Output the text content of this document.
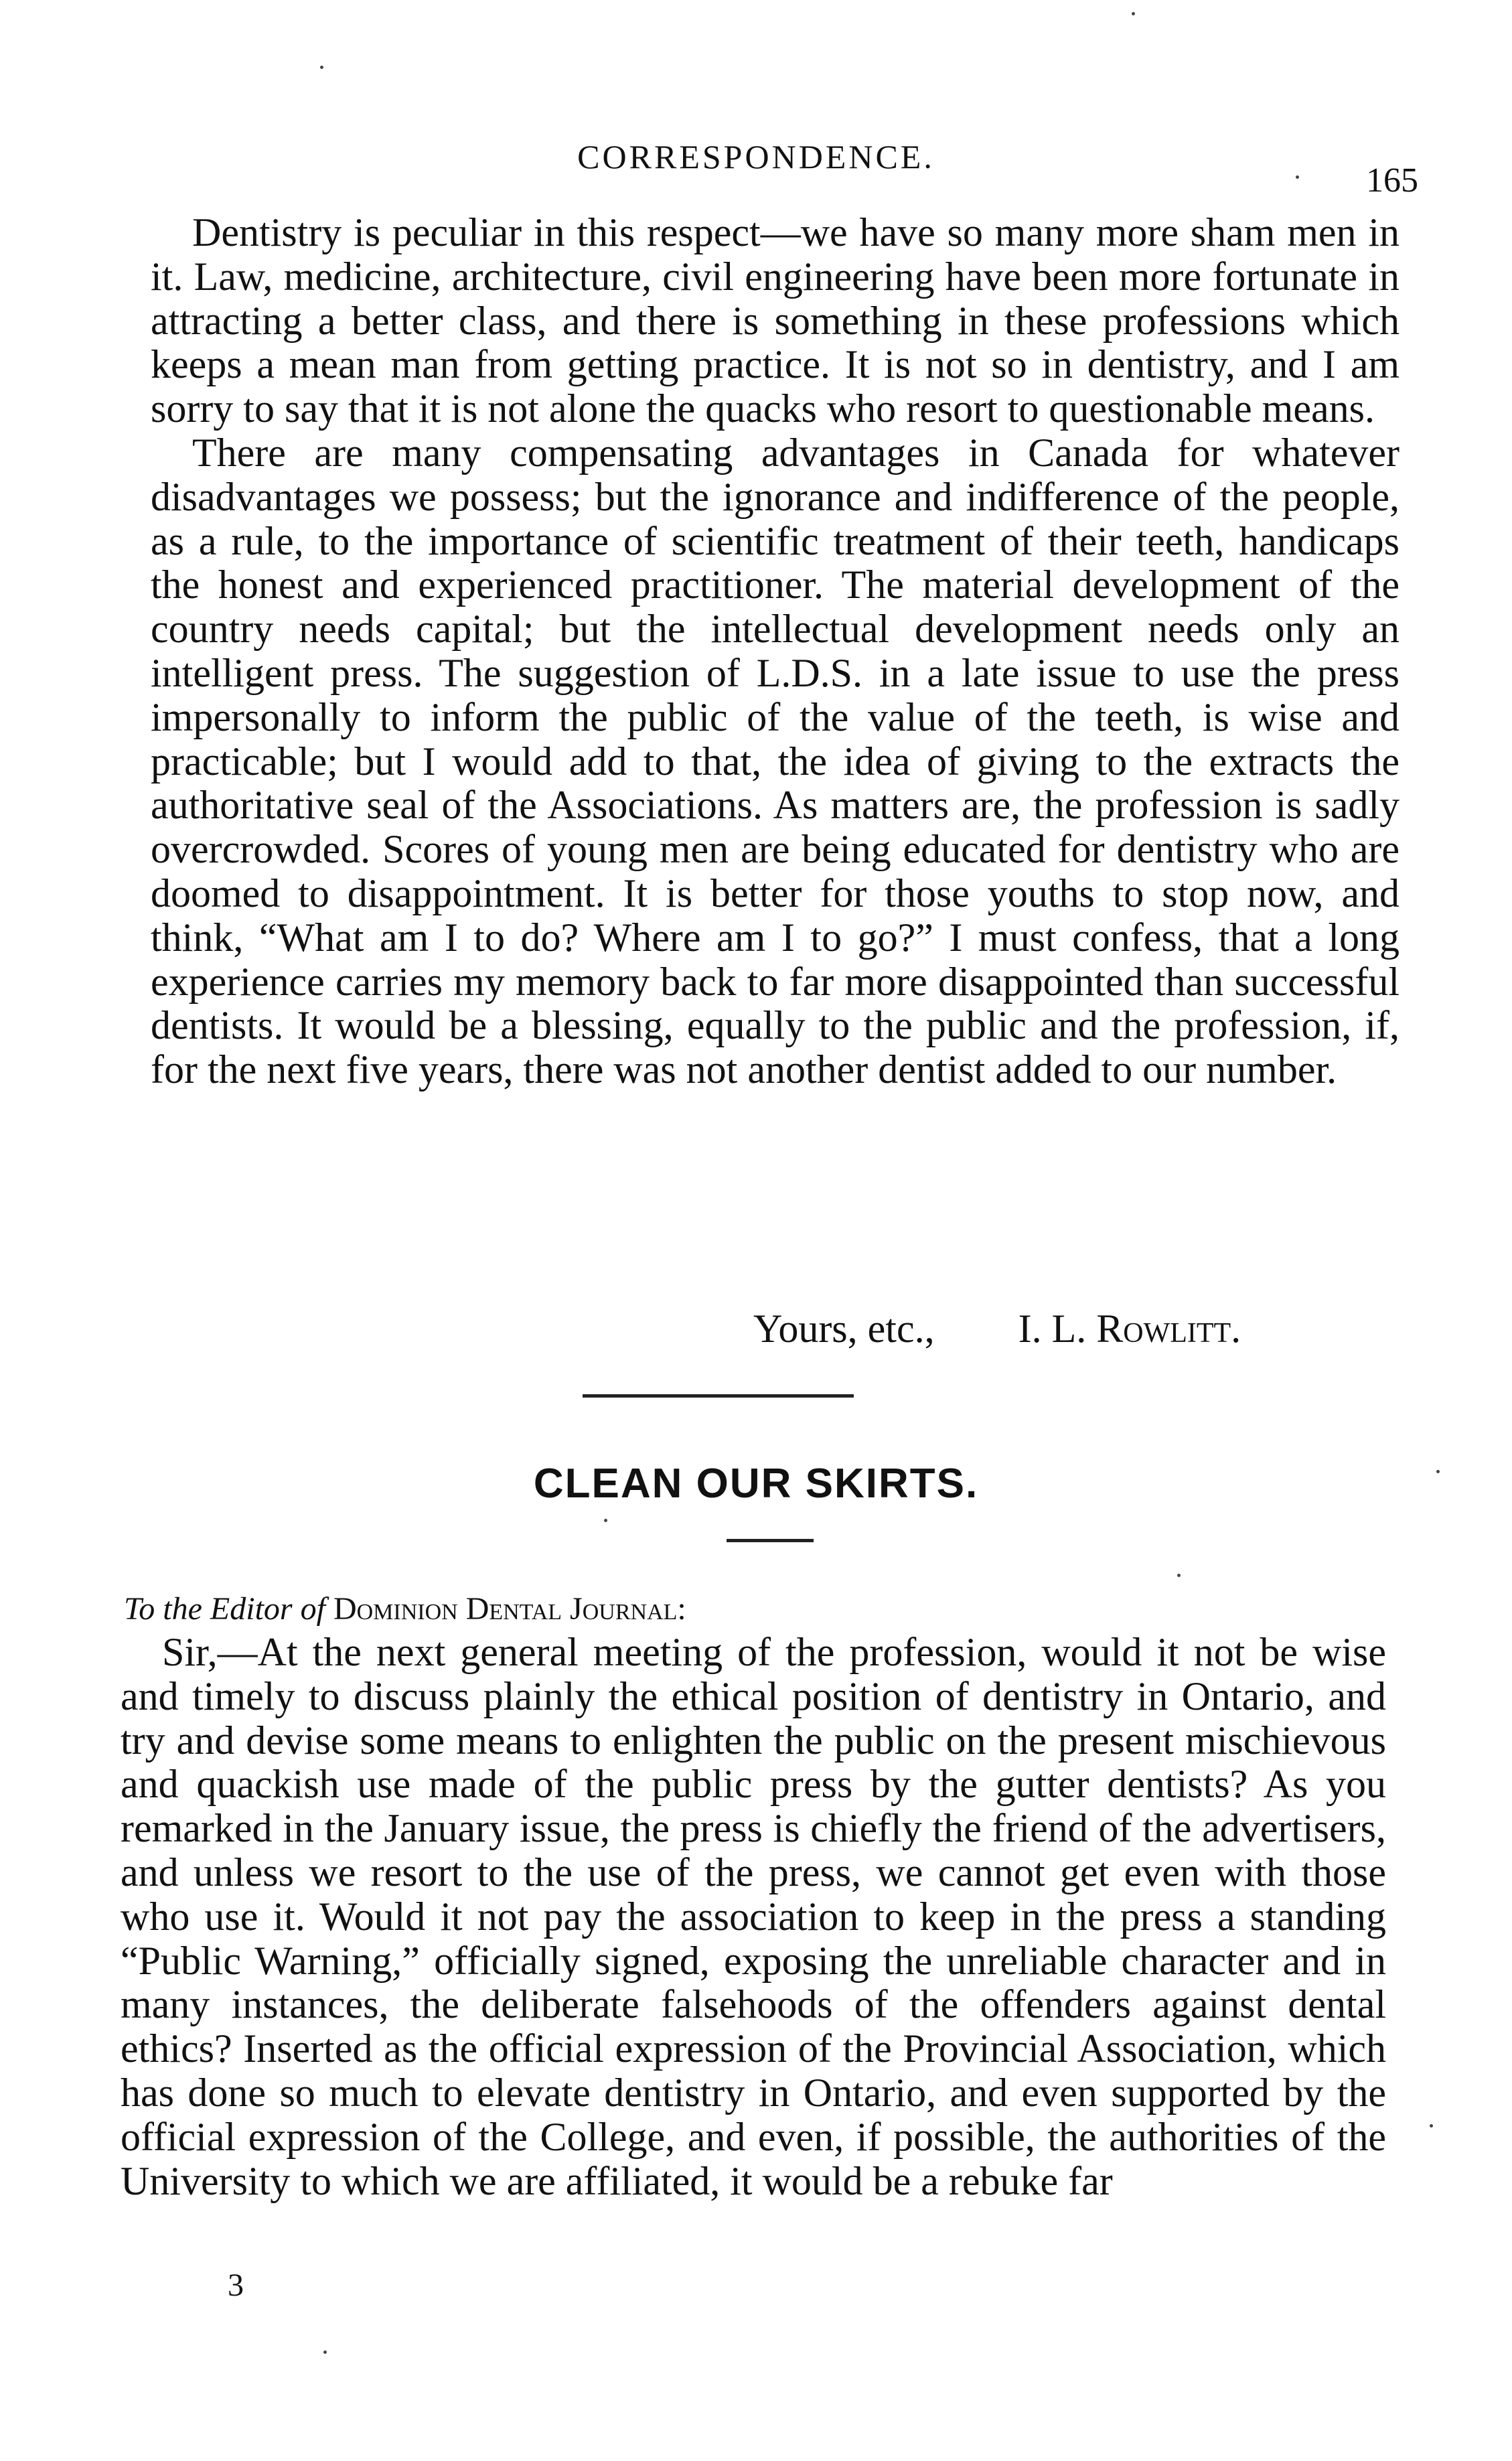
CORRESPONDENCE.
165

Dentistry is peculiar in this respect—we have so many more sham men in it. Law, medicine, architecture, civil engineering have been more fortunate in attracting a better class, and there is something in these professions which keeps a mean man from getting practice. It is not so in dentistry, and I am sorry to say that it is not alone the quacks who resort to questionable means.

There are many compensating advantages in Canada for whatever disadvantages we possess; but the ignorance and indifference of the people, as a rule, to the importance of scientific treatment of their teeth, handicaps the honest and experienced practitioner. The material development of the country needs capital; but the intellectual development needs only an intelligent press. The suggestion of L.D.S. in a late issue to use the press impersonally to inform the public of the value of the teeth, is wise and practicable; but I would add to that, the idea of giving to the extracts the authoritative seal of the Associations. As matters are, the profession is sadly overcrowded. Scores of young men are being educated for dentistry who are doomed to disappointment. It is better for those youths to stop now, and think, “What am I to do? Where am I to go?” I must confess, that a long experience carries my memory back to far more disappointed than successful dentists. It would be a blessing, equally to the public and the profession, if, for the next five years, there was not another dentist added to our number.

Yours, etc., I. L. Rowlitt.
CLEAN OUR SKIRTS.
To the Editor of Dominion Dental Journal:

Sir,—At the next general meeting of the profession, would it not be wise and timely to discuss plainly the ethical position of dentistry in Ontario, and try and devise some means to enlighten the public on the present mischievous and quackish use made of the public press by the gutter dentists? As you remarked in the January issue, the press is chiefly the friend of the advertisers, and unless we resort to the use of the press, we cannot get even with those who use it. Would it not pay the association to keep in the press a standing “Public Warning,” officially signed, exposing the unreliable character and in many instances, the deliberate falsehoods of the offenders against dental ethics? Inserted as the official expression of the Provincial Association, which has done so much to elevate dentistry in Ontario, and even supported by the official expression of the College, and even, if possible, the authorities of the University to which we are affiliated, it would be a rebuke far

3
